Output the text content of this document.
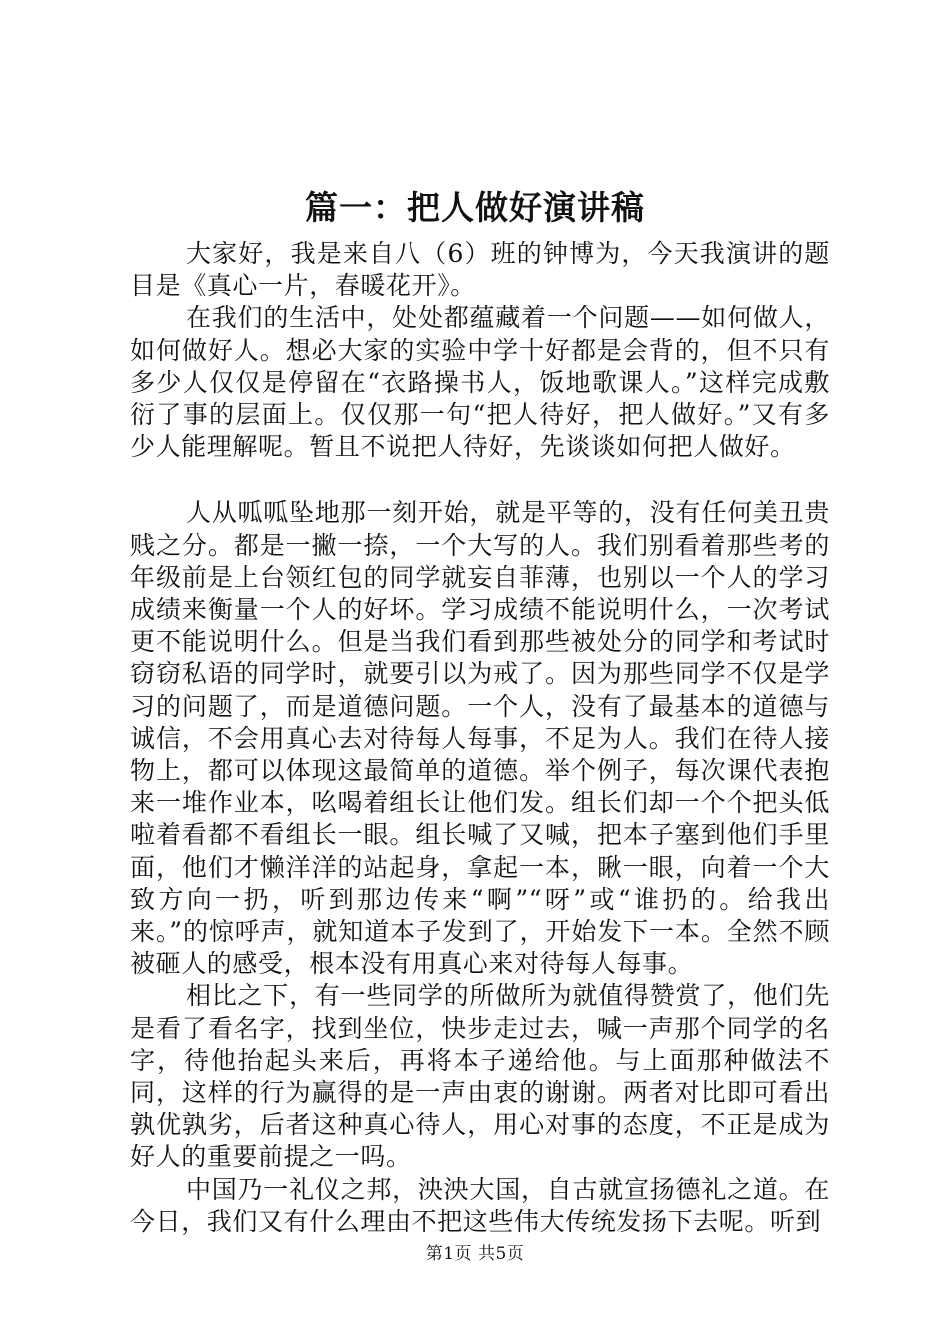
篇一：把人做好演讲稿

大家好，我是来自八（6）班的钟博为，今天我演讲的题目是《真心一片，春暖花开》。

在我们的生活中，处处都蕴藏着一个问题——如何做人，如何做好人。想必大家的实验中学十好都是会背的，但不只有多少人仅仅是停留在“衣路操书人，饭地歌课人。”这样完成敷衍了事的层面上。仅仅那一句“把人待好，把人做好。”又有多少人能理解呢。暂且不说把人待好，先谈谈如何把人做好。

人从呱呱坠地那一刻开始，就是平等的，没有任何美丑贵贱之分。都是一撇一捺，一个大写的人。我们别看着那些考的年级前是上台领红包的同学就妄自菲薄，也别以一个人的学习成绩来衡量一个人的好坏。学习成绩不能说明什么，一次考试更不能说明什么。但是当我们看到那些被处分的同学和考试时窃窃私语的同学时，就要引以为戒了。因为那些同学不仅是学习的问题了，而是道德问题。一个人，没有了最基本的道德与诚信，不会用真心去对待每人每事，不足为人。我们在待人接物上，都可以体现这最简单的道德。举个例子，每次课代表抱来一堆作业本，吆喝着组长让他们发。组长们却一个个把头低啦着看都不看组长一眼。组长喊了又喊，把本子塞到他们手里面，他们才懒洋洋的站起身，拿起一本，瞅一眼，向着一个大致方向一扔，听到那边传来“啊”“呀”或“谁扔的。给我出来。”的惊呼声，就知道本子发到了，开始发下一本。全然不顾被砸人的感受，根本没有用真心来对待每人每事。

相比之下，有一些同学的所做所为就值得赞赏了，他们先是看了看名字，找到坐位，快步走过去，喊一声那个同学的名字，待他抬起头来后，再将本子递给他。与上面那种做法不同，这样的行为赢得的是一声由衷的谢谢。两者对比即可看出孰优孰劣，后者这种真心待人，用心对事的态度，不正是成为好人的重要前提之一吗。

中国乃一礼仪之邦，泱泱大国，自古就宣扬德礼之道。在今日，我们又有什么理由不把这些伟大传统发扬下去呢。听到

第1页 共5页
